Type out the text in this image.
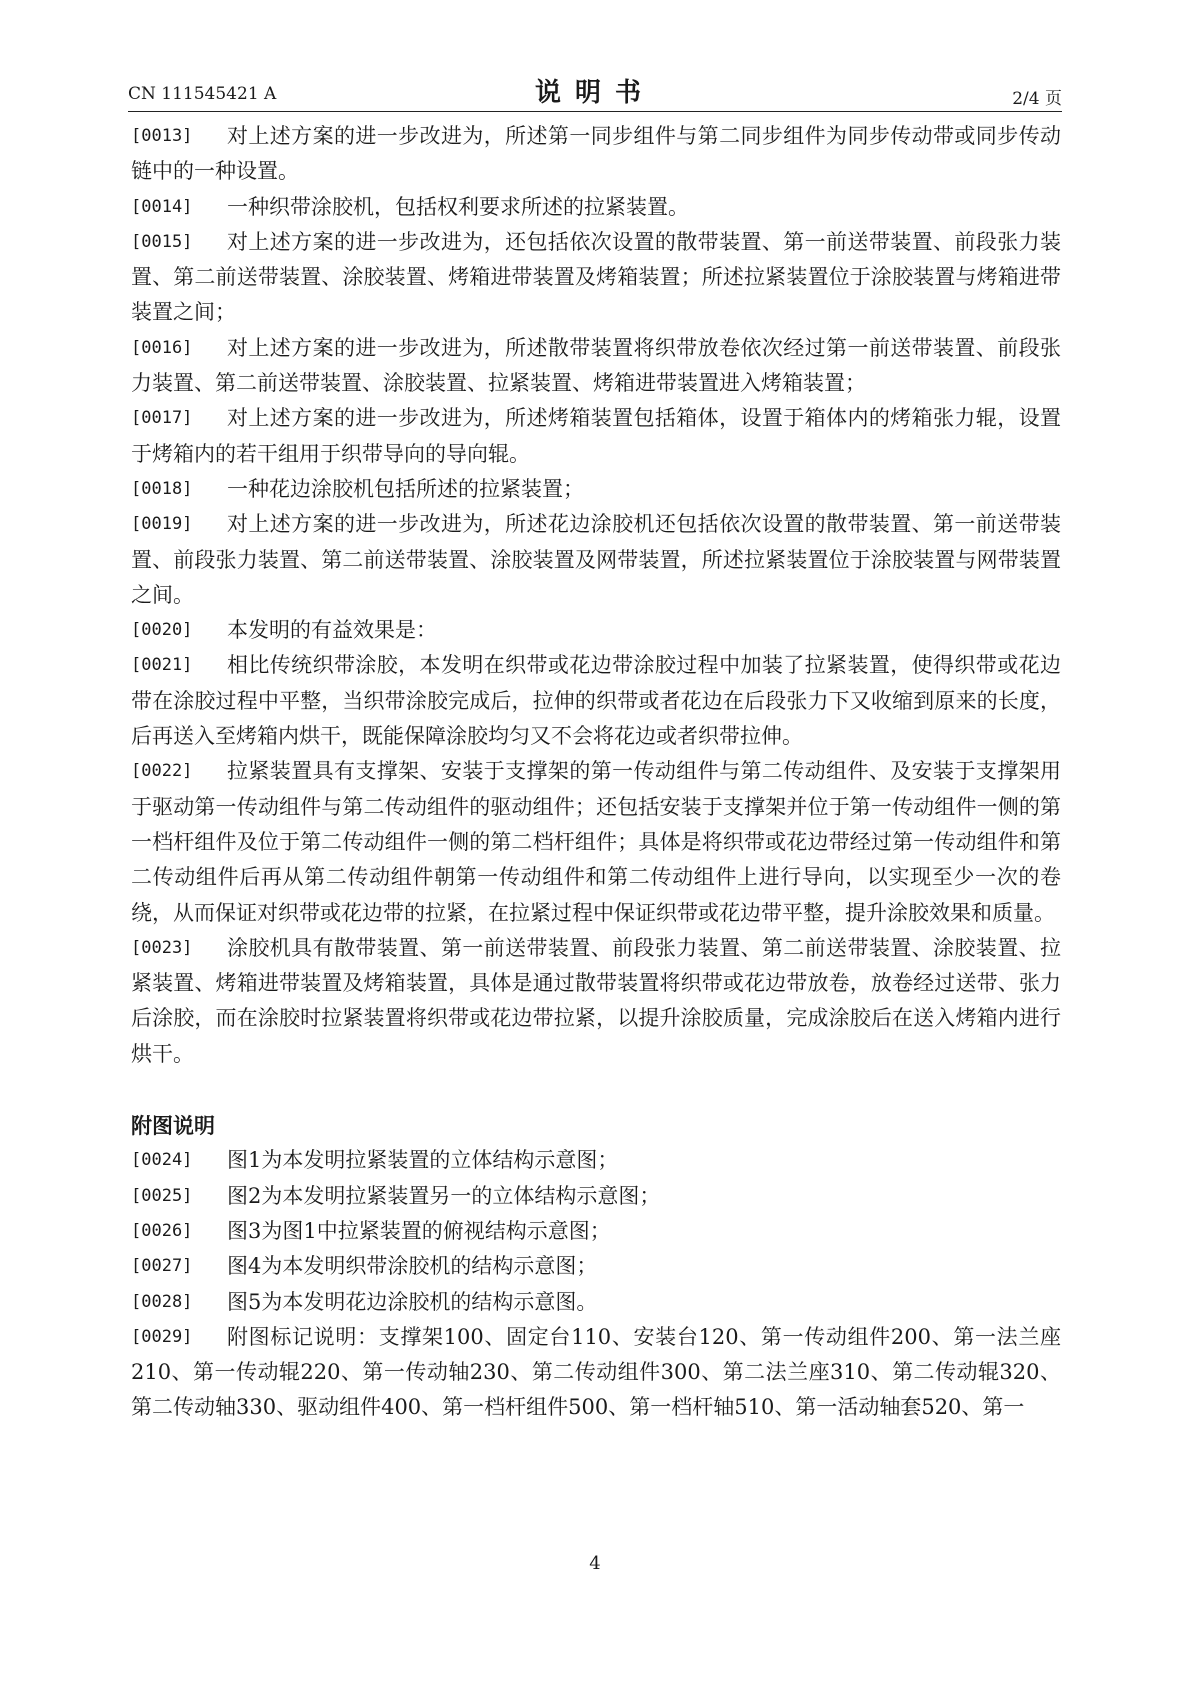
CN 111545421 A	说明书	2/4 页
[0013]	对上述方案的进一步改进为，所述第一同步组件与第二同步组件为同步传动带或同步传动链中的一种设置。
[0014]	一种织带涂胶机，包括权利要求所述的拉紧装置。
[0015]	对上述方案的进一步改进为，还包括依次设置的散带装置、第一前送带装置、前段张力装置、第二前送带装置、涂胶装置、烤箱进带装置及烤箱装置；所述拉紧装置位于涂胶装置与烤箱进带装置之间；
[0016]	对上述方案的进一步改进为，所述散带装置将织带放卷依次经过第一前送带装置、前段张力装置、第二前送带装置、涂胶装置、拉紧装置、烤箱进带装置进入烤箱装置；
[0017]	对上述方案的进一步改进为，所述烤箱装置包括箱体，设置于箱体内的烤箱张力辊，设置于烤箱内的若干组用于织带导向的导向辊。
[0018]	一种花边涂胶机包括所述的拉紧装置；
[0019]	对上述方案的进一步改进为，所述花边涂胶机还包括依次设置的散带装置、第一前送带装置、前段张力装置、第二前送带装置、涂胶装置及网带装置，所述拉紧装置位于涂胶装置与网带装置之间。
[0020]	本发明的有益效果是：
[0021]	相比传统织带涂胶，本发明在织带或花边带涂胶过程中加装了拉紧装置，使得织带或花边带在涂胶过程中平整，当织带涂胶完成后，拉伸的织带或者花边在后段张力下又收缩到原来的长度，后再送入至烤箱内烘干，既能保障涂胶均匀又不会将花边或者织带拉伸。
[0022]	拉紧装置具有支撑架、安装于支撑架的第一传动组件与第二传动组件、及安装于支撑架用于驱动第一传动组件与第二传动组件的驱动组件；还包括安装于支撑架并位于第一传动组件一侧的第一档杆组件及位于第二传动组件一侧的第二档杆组件；具体是将织带或花边带经过第一传动组件和第二传动组件后再从第二传动组件朝第一传动组件和第二传动组件上进行导向，以实现至少一次的卷绕，从而保证对织带或花边带的拉紧，在拉紧过程中保证织带或花边带平整，提升涂胶效果和质量。
[0023]	涂胶机具有散带装置、第一前送带装置、前段张力装置、第二前送带装置、涂胶装置、拉紧装置、烤箱进带装置及烤箱装置，具体是通过散带装置将织带或花边带放卷，放卷经过送带、张力后涂胶，而在涂胶时拉紧装置将织带或花边带拉紧，以提升涂胶质量，完成涂胶后在送入烤箱内进行烘干。
附图说明
[0024]	图1为本发明拉紧装置的立体结构示意图；
[0025]	图2为本发明拉紧装置另一的立体结构示意图；
[0026]	图3为图1中拉紧装置的俯视结构示意图；
[0027]	图4为本发明织带涂胶机的结构示意图；
[0028]	图5为本发明花边涂胶机的结构示意图。
[0029]	附图标记说明：支撑架100、固定台110、安装台120、第一传动组件200、第一法兰座210、第一传动辊220、第一传动轴230、第二传动组件300、第二法兰座310、第二传动辊320、第二传动轴330、驱动组件400、第一档杆组件500、第一档杆轴510、第一活动轴套520、第一
4
